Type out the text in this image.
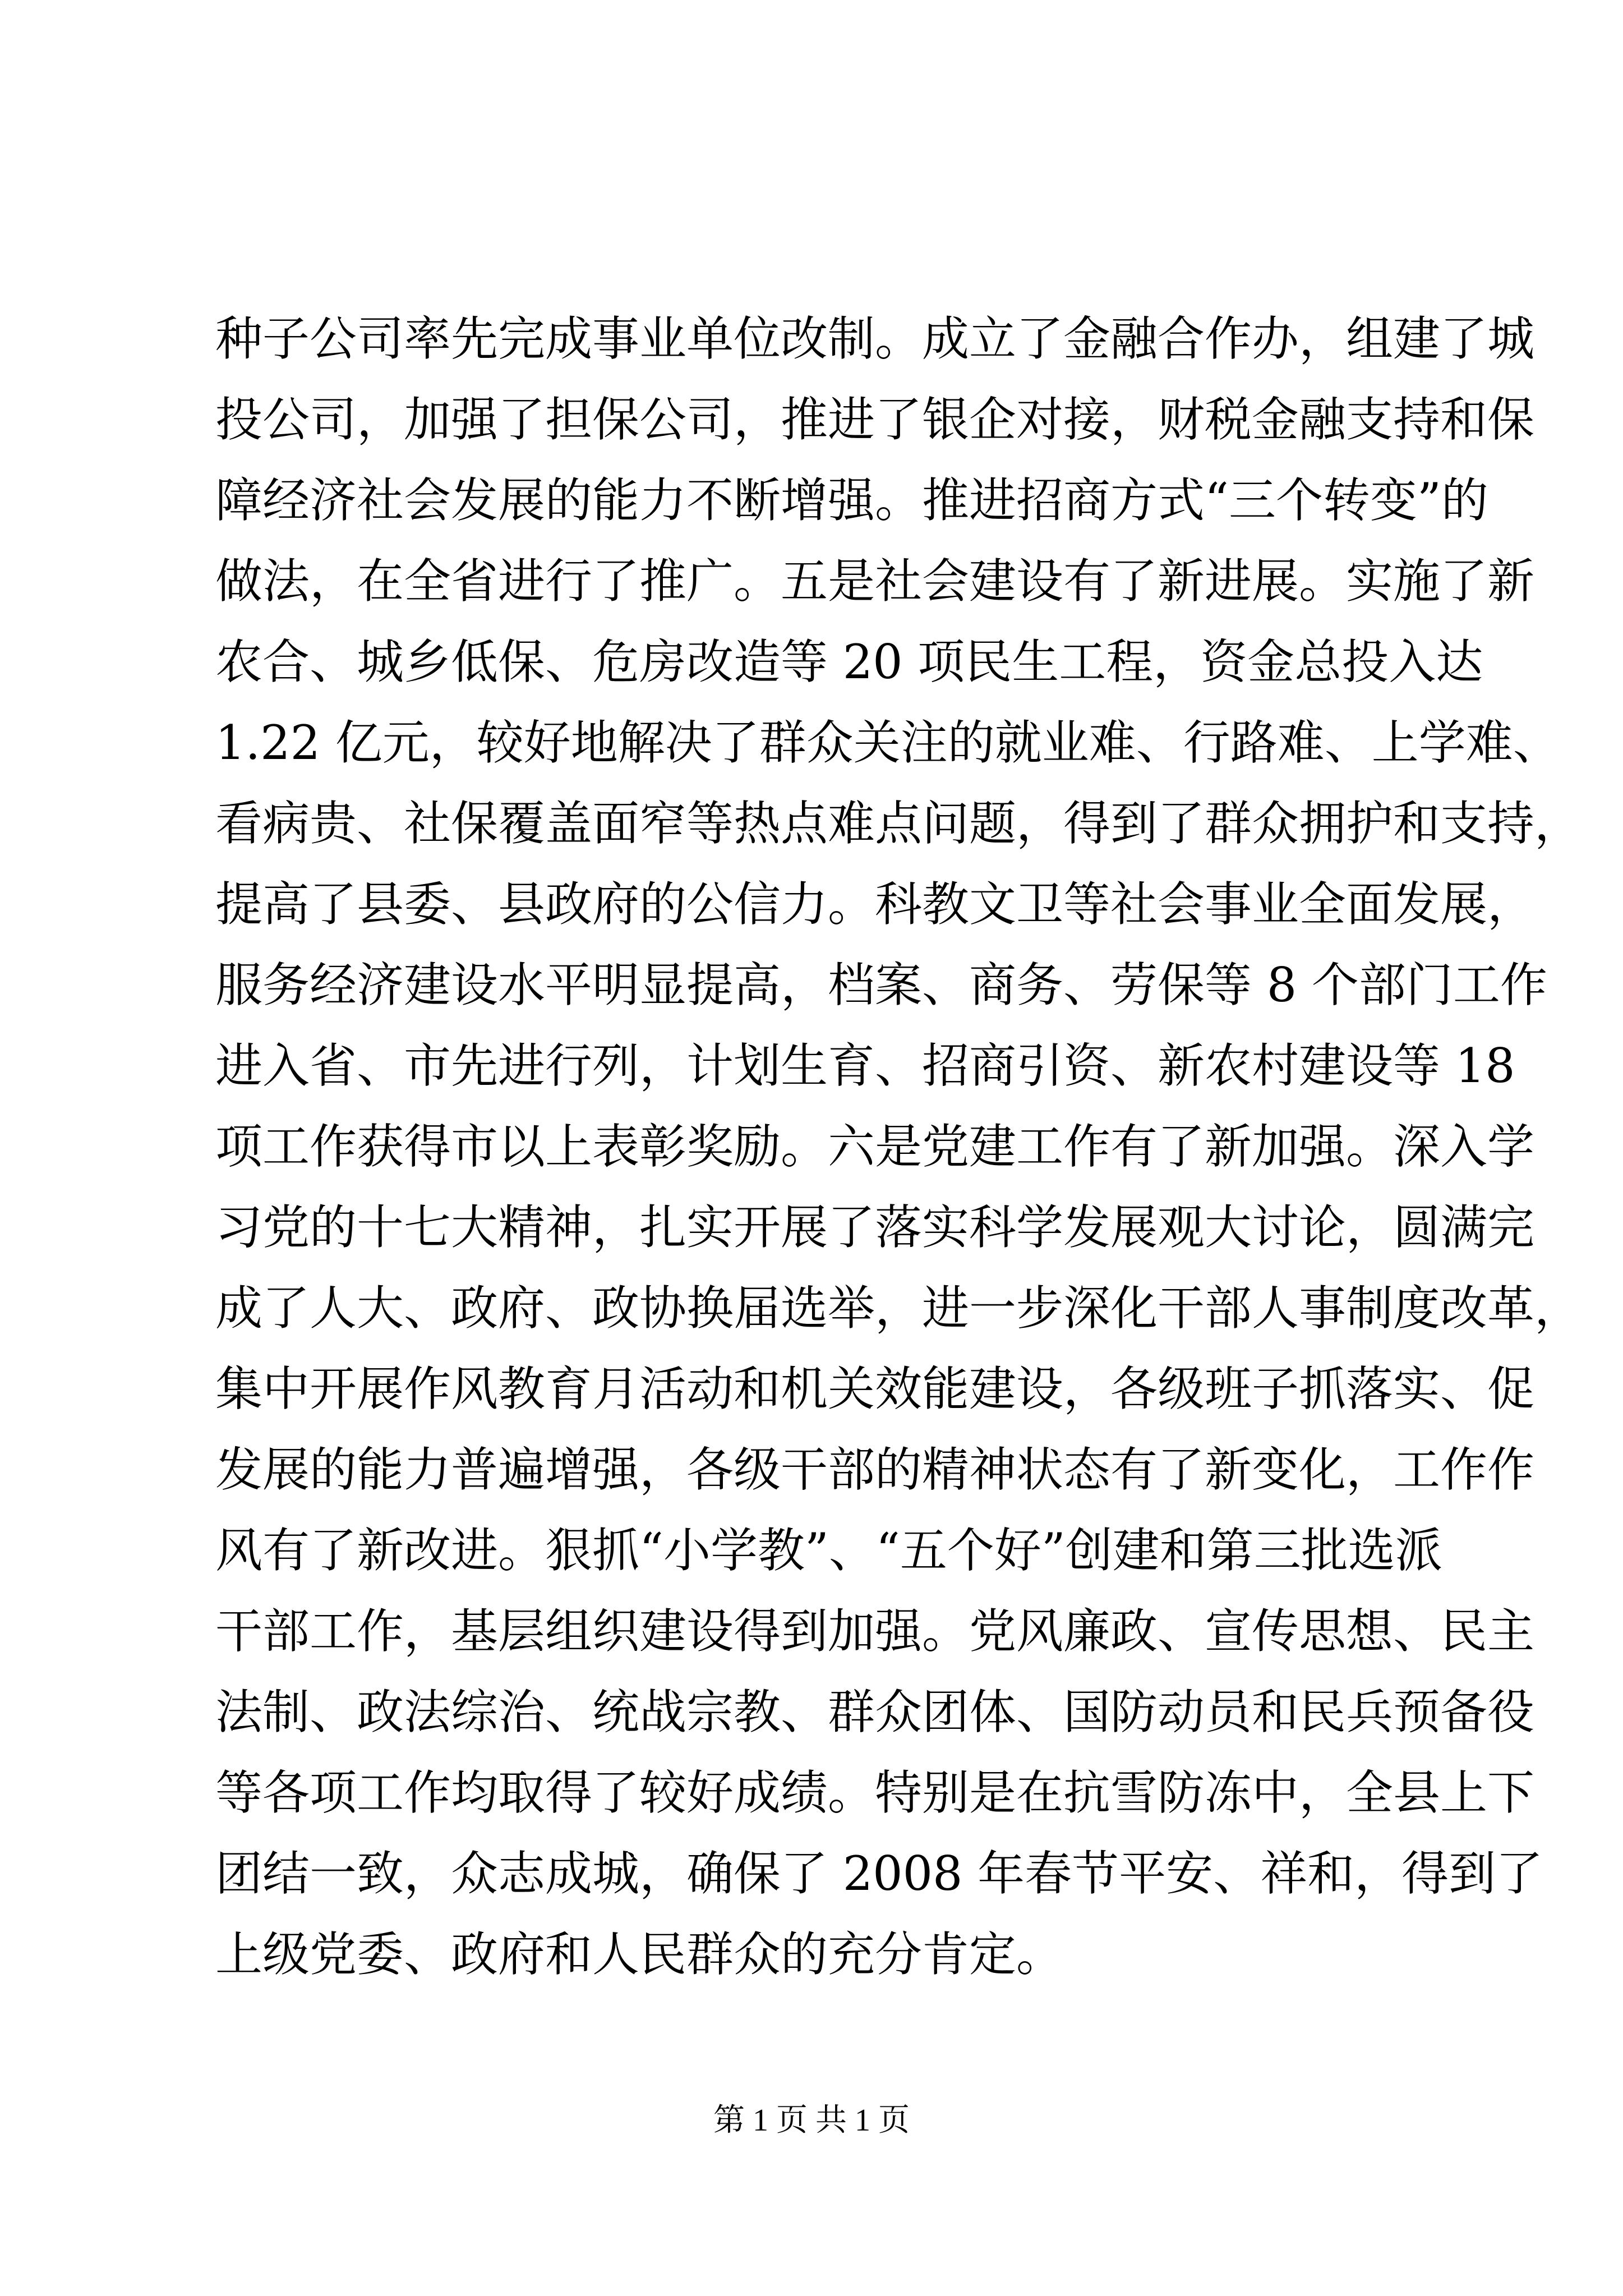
种子公司率先完成事业单位改制。成立了金融合作办，组建了城
投公司，加强了担保公司，推进了银企对接，财税金融支持和保
障经济社会发展的能力不断增强。推进招商方式“三个转变”的
做法，在全省进行了推广。五是社会建设有了新进展。实施了新
农合、城乡低保、危房改造等 20 项民生工程，资金总投入达
1.22 亿元，较好地解决了群众关注的就业难、行路难、上学难、
看病贵、社保覆盖面窄等热点难点问题，得到了群众拥护和支持，
提高了县委、县政府的公信力。科教文卫等社会事业全面发展，
服务经济建设水平明显提高，档案、商务、劳保等 8 个部门工作
进入省、市先进行列，计划生育、招商引资、新农村建设等 18
项工作获得市以上表彰奖励。六是党建工作有了新加强。深入学
习党的十七大精神，扎实开展了落实科学发展观大讨论，圆满完
成了人大、政府、政协换届选举，进一步深化干部人事制度改革，
集中开展作风教育月活动和机关效能建设，各级班子抓落实、促
发展的能力普遍增强，各级干部的精神状态有了新变化，工作作
风有了新改进。狠抓“小学教”、“五个好”创建和第三批选派
干部工作，基层组织建设得到加强。党风廉政、宣传思想、民主
法制、政法综治、统战宗教、群众团体、国防动员和民兵预备役
等各项工作均取得了较好成绩。特别是在抗雪防冻中，全县上下
团结一致，众志成城，确保了 2008 年春节平安、祥和，得到了
上级党委、政府和人民群众的充分肯定。
第 1 页 共 1 页
